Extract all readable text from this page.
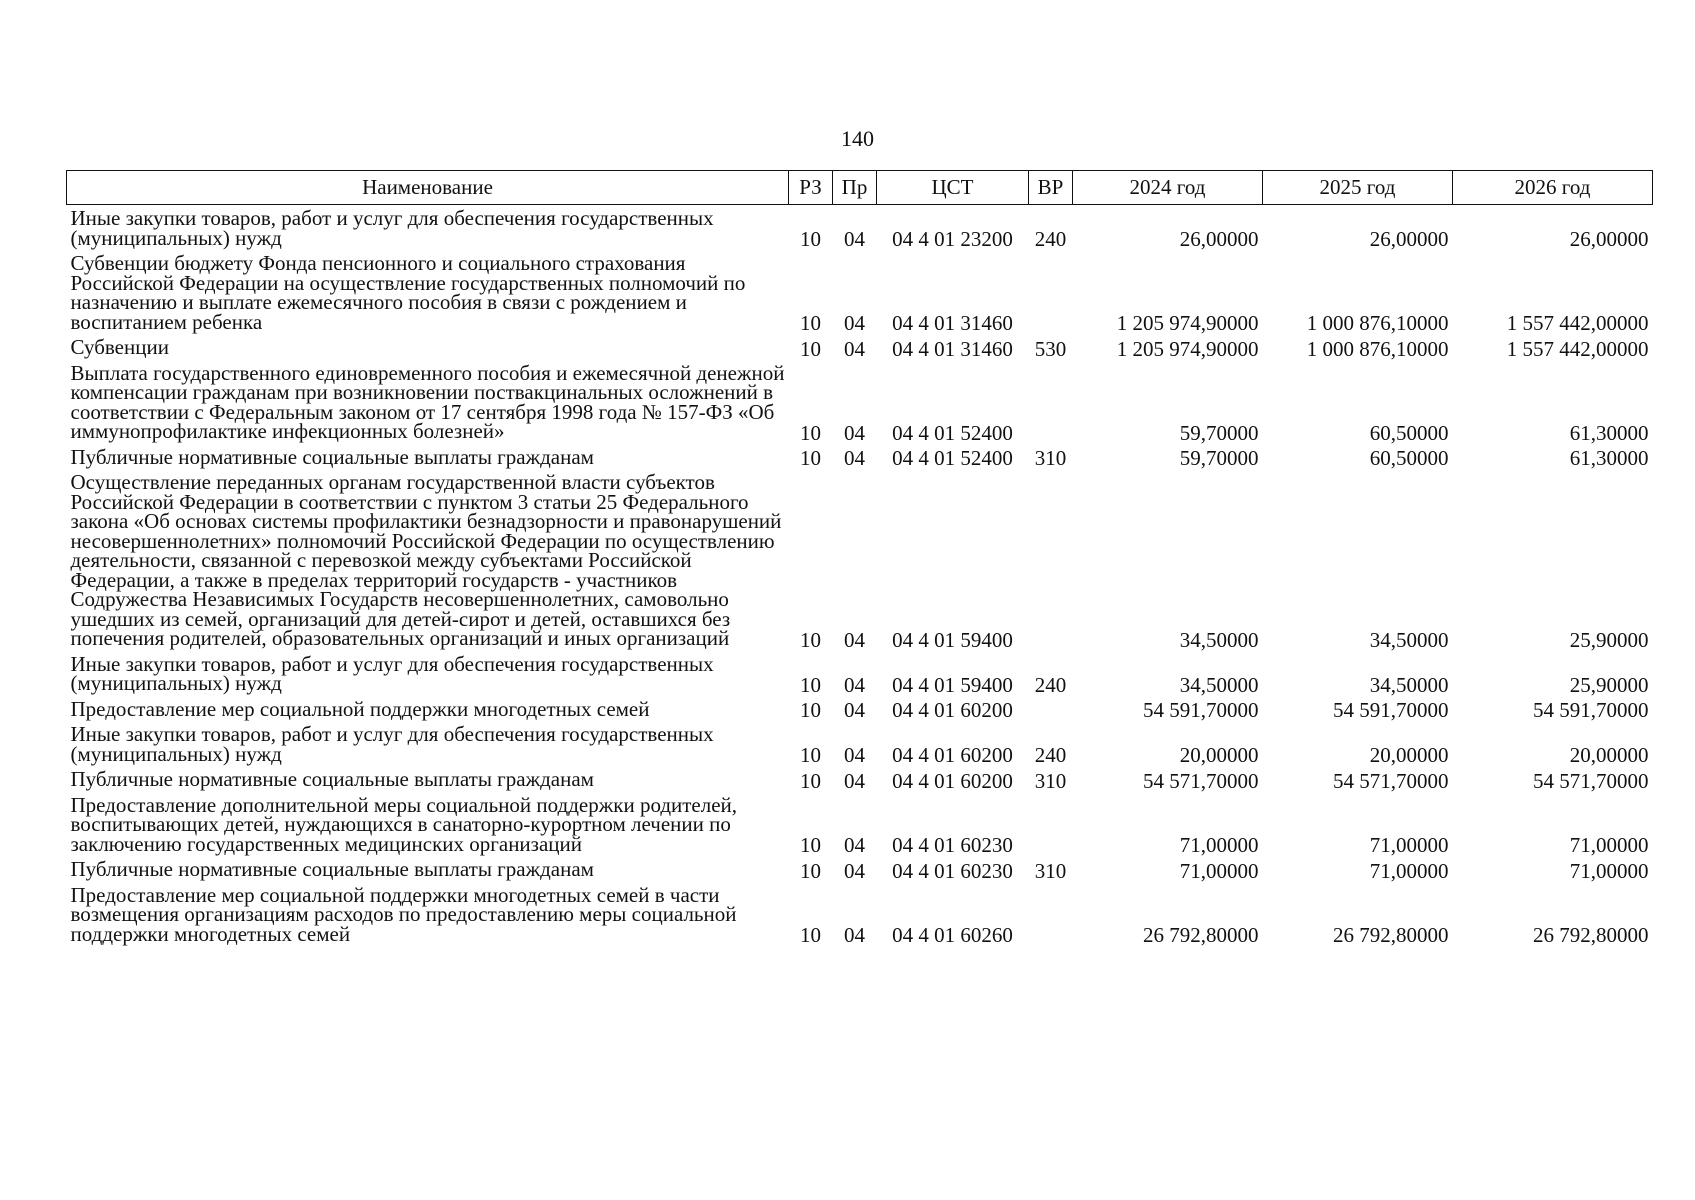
140
Наименование	РЗ	Пр	ЦСТ	ВР	2024 год	2025 год	2026 год
Иные закупки товаров, работ и услуг для обеспечения государственных (муниципальных) нужд	10	04	04 4 01 23200	240	26,00000	26,00000	26,00000
Субвенции бюджету Фонда пенсионного и социального страхования Российской Федерации на осуществление государственных полномочий по назначению и выплате ежемесячного пособия в связи с рождением и воспитанием ребенка	10	04	04 4 01 31460		1 205 974,90000	1 000 876,10000	1 557 442,00000
Субвенции	10	04	04 4 01 31460	530	1 205 974,90000	1 000 876,10000	1 557 442,00000
Выплата государственного единовременного пособия и ежемесячной денежной компенсации гражданам при возникновении поствакцинальных осложнений в соответствии с Федеральным законом от 17 сентября 1998 года № 157-ФЗ «Об иммунопрофилактике инфекционных болезней»	10	04	04 4 01 52400		59,70000	60,50000	61,30000
Публичные нормативные социальные выплаты гражданам	10	04	04 4 01 52400	310	59,70000	60,50000	61,30000
Осуществление переданных органам государственной власти субъектов Российской Федерации в соответствии с пунктом 3 статьи 25 Федерального закона «Об основах системы профилактики безнадзорности и правонарушений несовершеннолетних» полномочий Российской Федерации по осуществлению деятельности, связанной с перевозкой между субъектами Российской Федерации, а также в пределах территорий государств - участников Содружества Независимых Государств несовершеннолетних, самовольно ушедших из семей, организаций для детей-сирот и детей, оставшихся без попечения родителей, образовательных организаций и иных организаций	10	04	04 4 01 59400		34,50000	34,50000	25,90000
Иные закупки товаров, работ и услуг для обеспечения государственных (муниципальных) нужд	10	04	04 4 01 59400	240	34,50000	34,50000	25,90000
Предоставление мер социальной поддержки многодетных семей	10	04	04 4 01 60200		54 591,70000	54 591,70000	54 591,70000
Иные закупки товаров, работ и услуг для обеспечения государственных (муниципальных) нужд	10	04	04 4 01 60200	240	20,00000	20,00000	20,00000
Публичные нормативные социальные выплаты гражданам	10	04	04 4 01 60200	310	54 571,70000	54 571,70000	54 571,70000
Предоставление дополнительной меры социальной поддержки родителей, воспитывающих детей, нуждающихся в санаторно-курортном лечении по заключению государственных медицинских организаций	10	04	04 4 01 60230		71,00000	71,00000	71,00000
Публичные нормативные социальные выплаты гражданам	10	04	04 4 01 60230	310	71,00000	71,00000	71,00000
Предоставление мер социальной поддержки многодетных семей в части возмещения организациям расходов по предоставлению меры социальной поддержки многодетных семей	10	04	04 4 01 60260		26 792,80000	26 792,80000	26 792,80000
